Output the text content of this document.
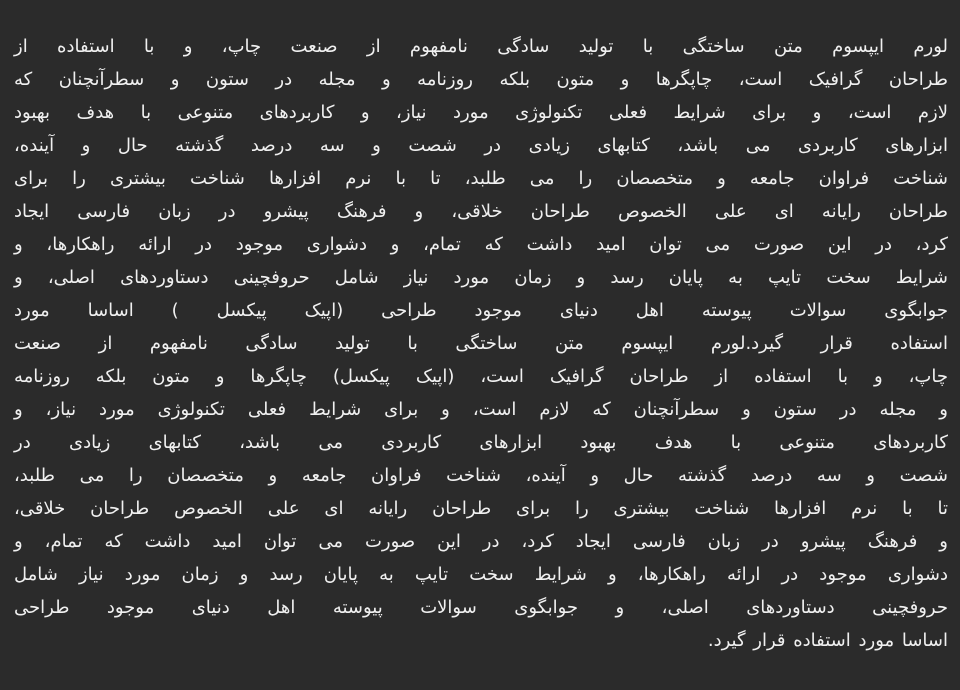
لورم ایپسوم متن ساختگی با تولید سادگی نامفهوم از صنعت چاپ، و با استفاده از
طراحان گرافیک است، چاپگرها و متون بلکه روزنامه و مجله در ستون و سطرآنچنان که
لازم است، و برای شرایط فعلی تکنولوژی مورد نیاز، و کاربردهای متنوعی با هدف بهبود
ابزارهای کاربردی می باشد، کتابهای زیادی در شصت و سه درصد گذشته حال و آینده،
شناخت فراوان جامعه و متخصصان را می طلبد، تا با نرم افزارها شناخت بیشتری را برای
طراحان رایانه ای علی الخصوص طراحان خلاقی، و فرهنگ پیشرو در زبان فارسی ایجاد
کرد، در این صورت می توان امید داشت که تمام، و دشواری موجود در ارائه راهکارها، و
شرایط سخت تایپ به پایان رسد و زمان مورد نیاز شامل حروفچینی دستاوردهای اصلی، و
جوابگوی سوالات پیوسته اهل دنیای موجود طراحی (اپیک پیکسل ) اساسا مورد
استفاده قرار گیرد.لورم ایپسوم متن ساختگی با تولید سادگی نامفهوم از صنعت
چاپ، و با استفاده از طراحان گرافیک است، (اپیک پیکسل) چاپگرها و متون بلکه روزنامه
و مجله در ستون و سطرآنچنان که لازم است، و برای شرایط فعلی تکنولوژی مورد نیاز، و
کاربردهای متنوعی با هدف بهبود ابزارهای کاربردی می باشد، کتابهای زیادی در
شصت و سه درصد گذشته حال و آینده، شناخت فراوان جامعه و متخصصان را می طلبد،
تا با نرم افزارها شناخت بیشتری را برای طراحان رایانه ای علی الخصوص طراحان خلاقی،
و فرهنگ پیشرو در زبان فارسی ایجاد کرد، در این صورت می توان امید داشت که تمام، و
دشواری موجود در ارائه راهکارها، و شرایط سخت تایپ به پایان رسد و زمان مورد نیاز شامل
حروفچینی دستاوردهای اصلی، و جوابگوی سوالات پیوسته اهل دنیای موجود طراحی
اساسا مورد استفاده قرار گیرد.
